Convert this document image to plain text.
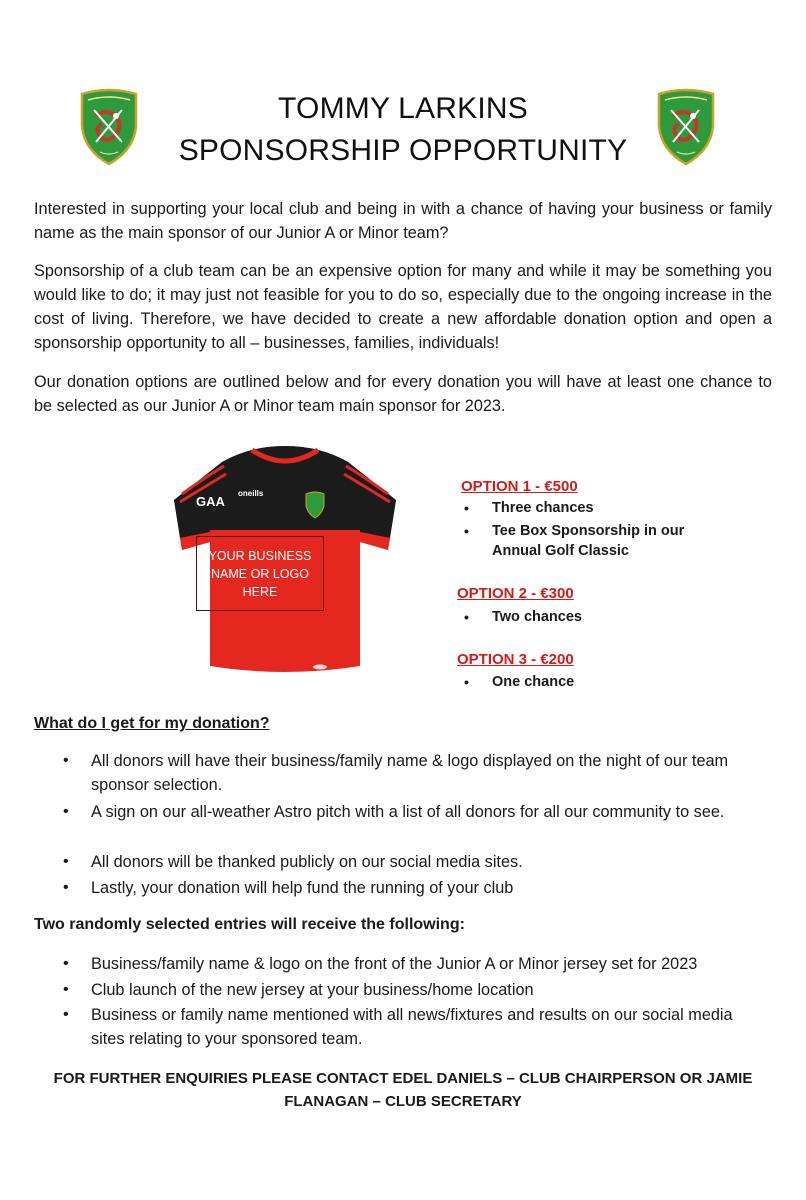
TOMMY LARKINS
SPONSORSHIP OPPORTUNITY

Interested in supporting your local club and being in with a chance of having your business or family name as the main sponsor of our Junior A or Minor team?

Sponsorship of a club team can be an expensive option for many and while it may be something you would like to do; it may just not feasible for you to do so, especially due to the ongoing increase in the cost of living. Therefore, we have decided to create a new affordable donation option and open a sponsorship opportunity to all – businesses, families, individuals!

Our donation options are outlined below and for every donation you will have at least one chance to be selected as our Junior A or Minor team main sponsor for 2023.

GAA
oneills
YOUR BUSINESS NAME OR LOGO HERE

OPTION 1 - €500

• Three chances

• Tee Box Sponsorship in our Annual Golf Classic

OPTION 2 - €300

• Two chances

OPTION 3 - €200

• One chance

What do I get for my donation?

• All donors will have their business/family name & logo displayed on the night of our team sponsor selection.

• A sign on our all-weather Astro pitch with a list of all donors for all our community to see.

• All donors will be thanked publicly on our social media sites.

• Lastly, your donation will help fund the running of your club

Two randomly selected entries will receive the following:

• Business/family name & logo on the front of the Junior A or Minor jersey set for 2023

• Club launch of the new jersey at your business/home location

• Business or family name mentioned with all news/fixtures and results on our social media sites relating to your sponsored team.

FOR FURTHER ENQUIRIES PLEASE CONTACT EDEL DANIELS – CLUB CHAIRPERSON OR JAMIE
FLANAGAN – CLUB SECRETARY
